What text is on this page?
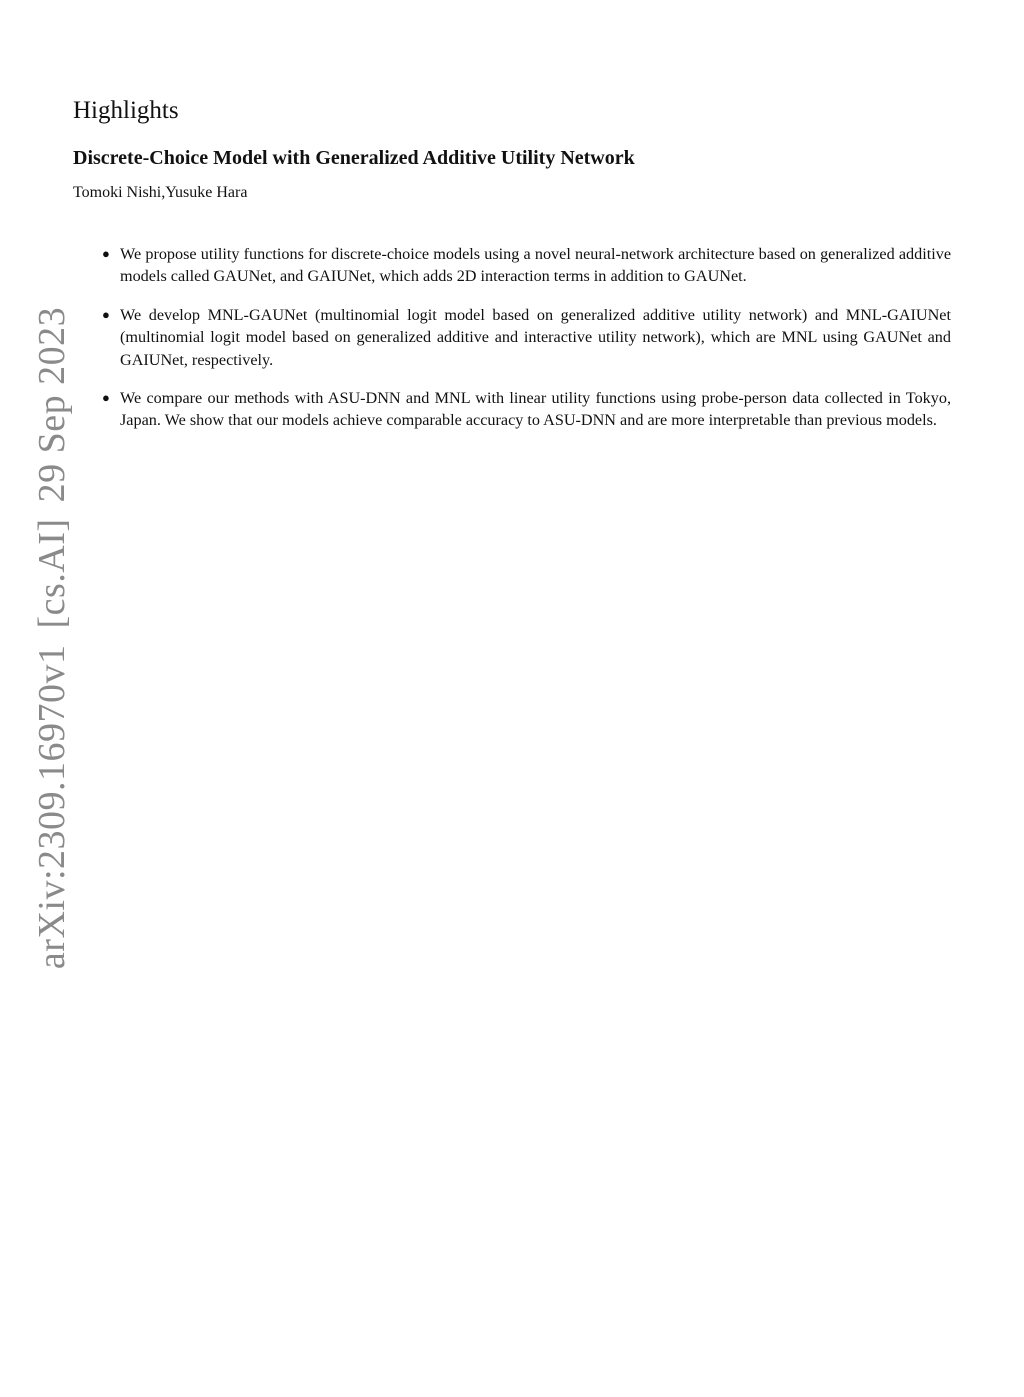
Highlights
Discrete-Choice Model with Generalized Additive Utility Network

Tomoki Nishi,Yusuke Hara

● We propose utility functions for discrete-choice models using a novel neural-network architecture based on generalized additive models called GAUNet, and GAIUNet, which adds 2D interaction terms in addition to GAUNet.
● We develop MNL-GAUNet (multinomial logit model based on generalized additive utility network) and MNL-GAIUNet (multinomial logit model based on generalized additive and interactive utility network), which are MNL using GAUNet and GAIUNet, respectively.
● We compare our methods with ASU-DNN and MNL with linear utility functions using probe-person data collected in Tokyo, Japan. We show that our models achieve comparable accuracy to ASU-DNN and are more interpretable than previous models.
arXiv:2309.16970v1[cs.AI]29 Sep 2023
